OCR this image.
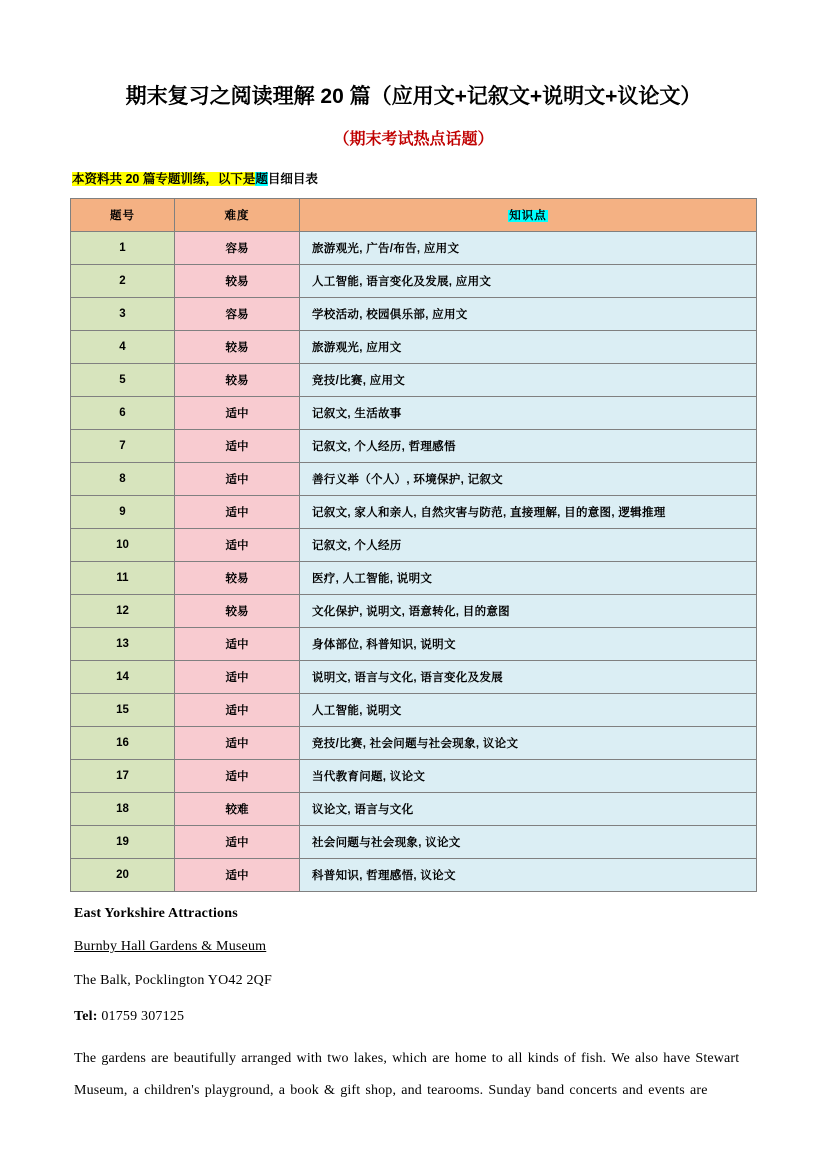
期末复习之阅读理解 20 篇（应用文+记叙文+说明文+议论文）
（期末考试热点话题）
本资料共 20 篇专题训练，以下是题目细目表
题号	难度	知识点
1	容易	旅游观光, 广告/布告, 应用文
2	较易	人工智能, 语言变化及发展, 应用文
3	容易	学校活动, 校园俱乐部, 应用文
4	较易	旅游观光, 应用文
5	较易	竞技/比赛, 应用文
6	适中	记叙文, 生活故事
7	适中	记叙文, 个人经历, 哲理感悟
8	适中	善行义举（个人）, 环境保护, 记叙文
9	适中	记叙文, 家人和亲人, 自然灾害与防范, 直接理解, 目的意图, 逻辑推理
10	适中	记叙文, 个人经历
11	较易	医疗, 人工智能, 说明文
12	较易	文化保护, 说明文, 语意转化, 目的意图
13	适中	身体部位, 科普知识, 说明文
14	适中	说明文, 语言与文化, 语言变化及发展
15	适中	人工智能, 说明文
16	适中	竞技/比赛, 社会问题与社会现象, 议论文
17	适中	当代教育问题, 议论文
18	较难	议论文, 语言与文化
19	适中	社会问题与社会现象, 议论文
20	适中	科普知识, 哲理感悟, 议论文
East Yorkshire Attractions
Burnby Hall Gardens & Museum
The Balk, Pocklington YO42 2QF
Tel: 01759 307125
The gardens are beautifully arranged with two lakes, which are home to all kinds of fish. We also have Stewart
Museum, a children's playground, a book & gift shop, and tearooms. Sunday band concerts and events are
